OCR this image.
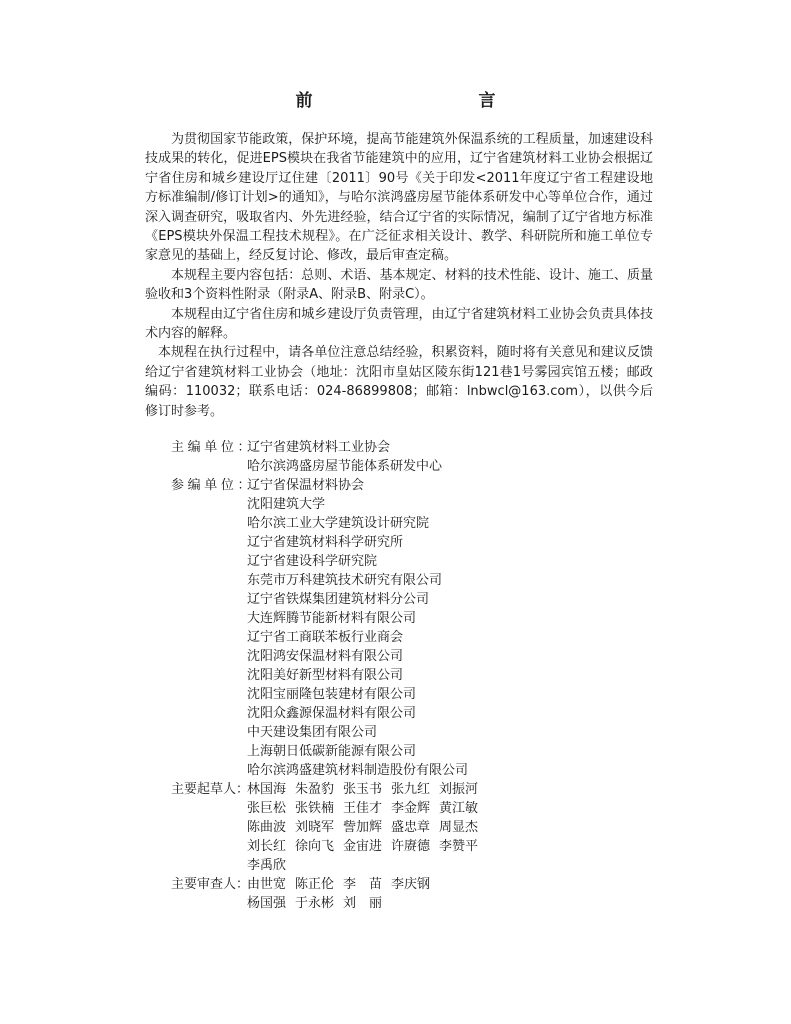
前　　言

为贯彻国家节能政策，保护环境，提高节能建筑外保温系统的工程质量，加速建设科技成果的转化，促进EPS模块在我省节能建筑中的应用，辽宁省建筑材料工业协会根据辽宁省住房和城乡建设厅辽住建〔2011〕90号《关于印发<2011年度辽宁省工程建设地方标准编制/修订计划>的通知》，与哈尔滨鸿盛房屋节能体系研发中心等单位合作，通过深入调查研究，吸取省内、外先进经验，结合辽宁省的实际情况，编制了辽宁省地方标准《EPS模块外保温工程技术规程》。在广泛征求相关设计、教学、科研院所和施工单位专家意见的基础上，经反复讨论、修改，最后审查定稿。

本规程主要内容包括：总则、术语、基本规定、材料的技术性能、设计、施工、质量验收和3个资料性附录（附录A、附录B、附录C）。

本规程由辽宁省住房和城乡建设厅负责管理，由辽宁省建筑材料工业协会负责具体技术内容的解释。

本规程在执行过程中，请各单位注意总结经验，积累资料，随时将有关意见和建议反馈给辽宁省建筑材料工业协会（地址：沈阳市皇姑区陵东街121巷1号雾园宾馆五楼；邮政编码：110032；联系电话：024-86899808；邮箱：lnbwcl@163.com），以供今后修订时参考。

主编单位：
辽宁省建筑材料工业协会
哈尔滨鸿盛房屋节能体系研发中心
参编单位：
辽宁省保温材料协会
沈阳建筑大学
哈尔滨工业大学建筑设计研究院
辽宁省建筑材料科学研究所
辽宁省建设科学研究院
东莞市万科建筑技术研究有限公司
辽宁省铁煤集团建筑材料分公司
大连辉腾节能新材料有限公司
辽宁省工商联苯板行业商会
沈阳鸿安保温材料有限公司
沈阳美好新型材料有限公司
沈阳宝丽隆包装建材有限公司
沈阳众鑫源保温材料有限公司
中天建设集团有限公司
上海朝日低碳新能源有限公司
哈尔滨鸿盛建筑材料制造股份有限公司
主要起草人：
林国海 朱盈豹 张玉书 张九红 刘振河
张巨松 张铁楠 王佳才 李金辉 黄江敏
陈曲波 刘晓军 訾加辉 盛忠章 周显杰
刘长红 徐向飞 金宙进 许赓德 李赞平
李禹欣
主要审查人：
由世宽 陈正伦 李　苗 李庆钢
杨国强 于永彬 刘　丽
